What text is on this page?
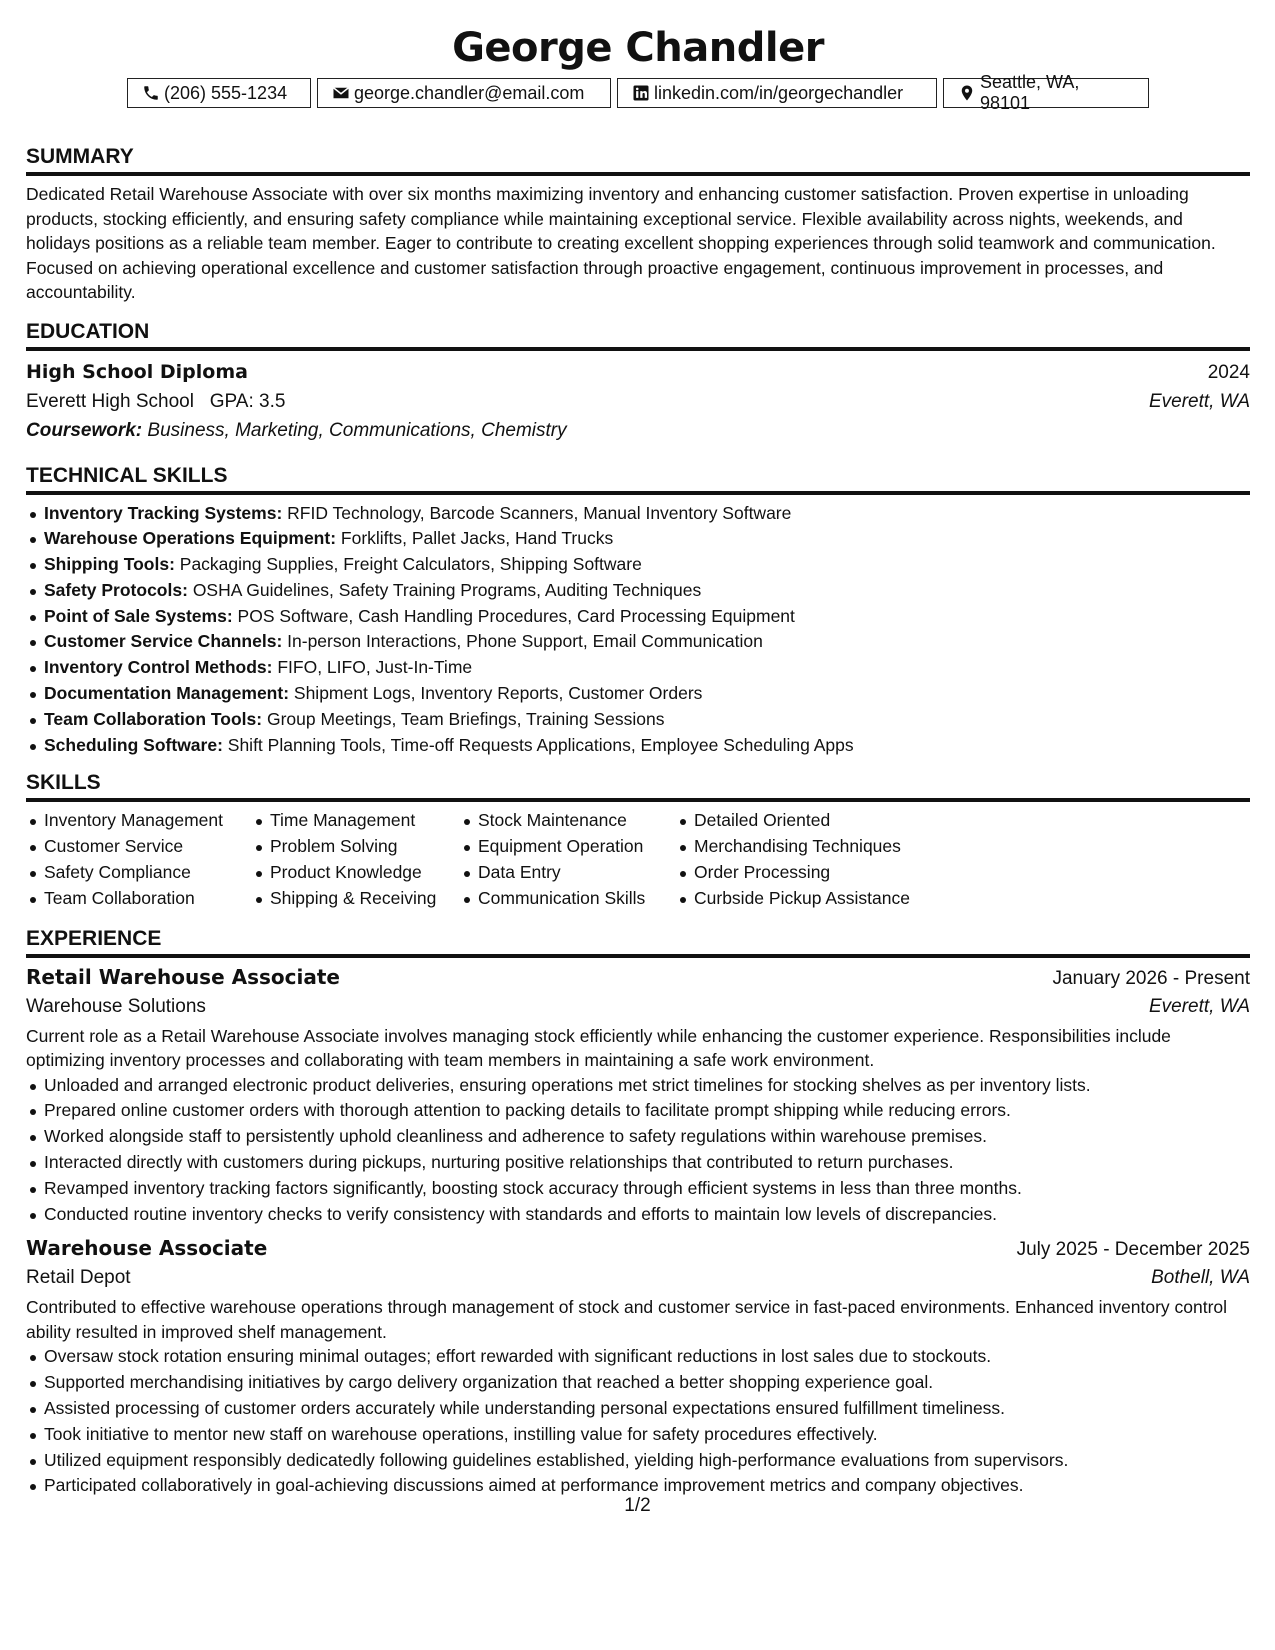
George Chandler
(206) 555-1234	george.chandler@email.com	linkedin.com/in/georgechandler
Seattle, WA, 98101
SUMMARY
Dedicated Retail Warehouse Associate with over six months maximizing inventory and enhancing customer satisfaction. Proven expertise in unloading products, stocking efficiently, and ensuring safety compliance while maintaining exceptional service. Flexible availability across nights, weekends, and holidays positions as a reliable team member. Eager to contribute to creating excellent shopping experiences through solid teamwork and communication. Focused on achieving operational excellence and customer satisfaction through proactive engagement, continuous improvement in processes, and accountability.
EDUCATION
High School Diploma	2024
Everett High School GPA: 3.5	Everett, WA
Coursework: Business, Marketing, Communications, Chemistry
TECHNICAL SKILLS
Inventory Tracking Systems: RFID Technology, Barcode Scanners, Manual Inventory Software
Warehouse Operations Equipment: Forklifts, Pallet Jacks, Hand Trucks
Shipping Tools: Packaging Supplies, Freight Calculators, Shipping Software
Safety Protocols: OSHA Guidelines, Safety Training Programs, Auditing Techniques
Point of Sale Systems: POS Software, Cash Handling Procedures, Card Processing Equipment
Customer Service Channels: In-person Interactions, Phone Support, Email Communication
Inventory Control Methods: FIFO, LIFO, Just-In-Time
Documentation Management: Shipment Logs, Inventory Reports, Customer Orders
Team Collaboration Tools: Group Meetings, Team Briefings, Training Sessions
Scheduling Software: Shift Planning Tools, Time-off Requests Applications, Employee Scheduling Apps
SKILLS
Inventory Management
Customer Service
Safety Compliance
Team Collaboration
Time Management
Problem Solving
Product Knowledge
Shipping & Receiving
Stock Maintenance
Equipment Operation
Data Entry
Communication Skills
Detailed Oriented
Merchandising Techniques
Order Processing
Curbside Pickup Assistance
EXPERIENCE
Retail Warehouse Associate	January 2026 - Present
Warehouse Solutions	Everett, WA
Current role as a Retail Warehouse Associate involves managing stock efficiently while enhancing the customer experience. Responsibilities include optimizing inventory processes and collaborating with team members in maintaining a safe work environment.
Unloaded and arranged electronic product deliveries, ensuring operations met strict timelines for stocking shelves as per inventory lists.
Prepared online customer orders with thorough attention to packing details to facilitate prompt shipping while reducing errors.
Worked alongside staff to persistently uphold cleanliness and adherence to safety regulations within warehouse premises.
Interacted directly with customers during pickups, nurturing positive relationships that contributed to return purchases.
Revamped inventory tracking factors significantly, boosting stock accuracy through efficient systems in less than three months.
Conducted routine inventory checks to verify consistency with standards and efforts to maintain low levels of discrepancies.
Warehouse Associate	July 2025 - December 2025
Retail Depot	Bothell, WA
Contributed to effective warehouse operations through management of stock and customer service in fast-paced environments. Enhanced inventory control ability resulted in improved shelf management.
Oversaw stock rotation ensuring minimal outages; effort rewarded with significant reductions in lost sales due to stockouts.
Supported merchandising initiatives by cargo delivery organization that reached a better shopping experience goal.
Assisted processing of customer orders accurately while understanding personal expectations ensured fulfillment timeliness.
Took initiative to mentor new staff on warehouse operations, instilling value for safety procedures effectively.
Utilized equipment responsibly dedicatedly following guidelines established, yielding high-performance evaluations from supervisors.
Participated collaboratively in goal-achieving discussions aimed at performance improvement metrics and company objectives.
1/2
